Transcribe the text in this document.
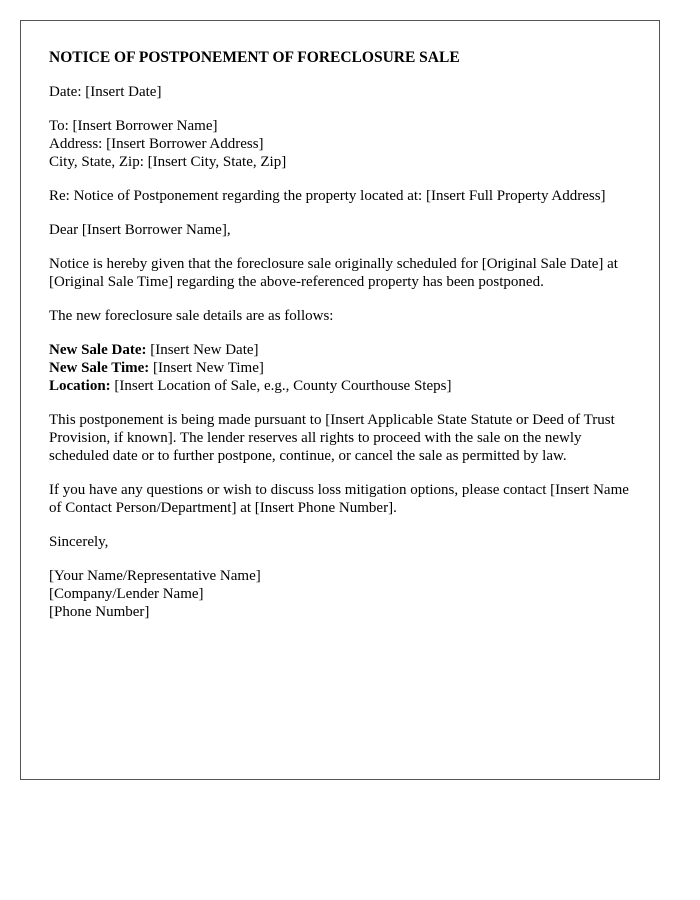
NOTICE OF POSTPONEMENT OF FORECLOSURE SALE
Date: [Insert Date]
To: [Insert Borrower Name]
Address: [Insert Borrower Address]
City, State, Zip: [Insert City, State, Zip]
Re: Notice of Postponement regarding the property located at: [Insert Full Property Address]
Dear [Insert Borrower Name],
Notice is hereby given that the foreclosure sale originally scheduled for [Original Sale Date] at [Original Sale Time] regarding the above-referenced property has been postponed.
The new foreclosure sale details are as follows:
New Sale Date: [Insert New Date]
New Sale Time: [Insert New Time]
Location: [Insert Location of Sale, e.g., County Courthouse Steps]
This postponement is being made pursuant to [Insert Applicable State Statute or Deed of Trust Provision, if known]. The lender reserves all rights to proceed with the sale on the newly scheduled date or to further postpone, continue, or cancel the sale as permitted by law.
If you have any questions or wish to discuss loss mitigation options, please contact [Insert Name of Contact Person/Department] at [Insert Phone Number].
Sincerely,
[Your Name/Representative Name]
[Company/Lender Name]
[Phone Number]
